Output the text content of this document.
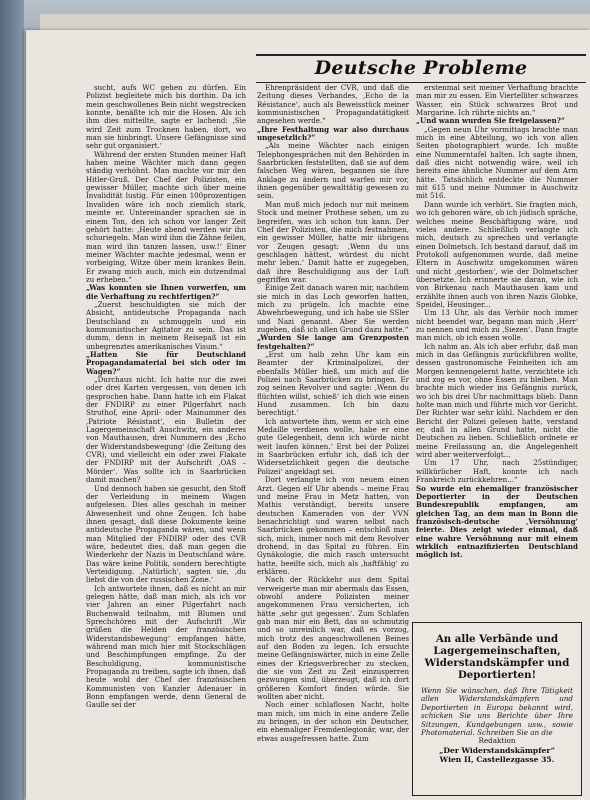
Deutsche Probleme

sucht, aufs WC gehen zu dürfen. Ein Polizist begleitete mich bis dorthin. Da ich mein geschwollenes Bein nicht wegstrecken konnte, benäßte ich mir die Hosen. Als ich ihm dies mitteilte, sagte er lachend: ‚Sie wird Zeit zum Trocknen haben, dort, wo man sie hinbringt. Unsere Gefängnisse sind sehr gut organisiert.‘

Während der ersten Stunden meiner Haft haben meine Wächter mich dann gegen ständig verhöhnt. Man machte vor mir den Hitler-Gruß. Der Chef der Polizisten, ein gewisser Müller, machte sich über meine Invalidität lustig. Für einen 100prozentigen Invaliden wäre ich noch ziemlich stark, meinte er. Untereinander sprachen sie in einem Ton, den ich schon vor langer Zeit gehört hatte: ‚Heute abend werden wir ihn schuriegeln. Man wird ihm die Zähne feilen, man wird ihn tanzen lassen, usw.!‘ Einer meiner Wächter machte jedesmal, wenn er vorbeiging, Witze über mein krankes Bein. Er zwang mich auch, mich ein dutzendmal zu erheben.“

„Was konnten sie Ihnen vorwerfen, um die Verhaftung zu rechtfertigen?“

„Zuerst beschuldigten sie mich der Absicht, antideutsche Propaganda nach Deutschland zu schmuggeln und ein kommunistischer Agitator zu sein. Das ist dumm, denn in meinem Reisepaß ist ein unbegrenztes amerikanisches Visum.“

„Hatten Sie für Deutschland Propagandamaterial bei sich oder im Wagen?“

„Durchaus nicht. Ich hatte nur die zwei oder drei Karten vergessen, von denen ich gesprochen habe. Dann hatte ich ein Flakat der FNDIRP zu einer Pilgerfahrt nach Struthof, eine April- oder Mainummer des ‚Patriote Résistant‘, ein Bulletin der Lagergemeinschaft Auschwitz, ein anderes von Mauthausen, drei Nummern des ‚Echo der Widerstandsbewegung‘ (die Zeitung des CVR), und vielleicht ein oder zwei Flakate der FNDIRP mit der Aufschrift ‚OAS – Mörder‘. Was sollte ich in Saarbrücken damit machen?

Und dennoch haben sie gesucht, den Stoff der Verleidung in meinem Wagen aufgelesen. Dies alles geschah in meiner Abwesenheit und ohne Zeugen. Ich habe ihnen gesagt, daß diese Dokumente keine antideutsche Propaganda wären, und wenn man Mitglied der FNDIRP oder des CVR wäre, bedeutet dies, daß man gegen die Wiederkehr der Nazis in Deutschland wäre. Das wäre keine Politik, sondern berechtigte Verteidigung. ‚Natürlich‘, sagten sie, ‚du liebst die von der russischen Zone.‘

Ich antwortete ihnen, daß es nicht an mir gelegen hätte, daß man mich, als ich vor vier Jahren an einer Pilgerfahrt nach Buchenwald teilnahm, mit Blumen und Sprechchören mit der Aufschrift ‚Wir grüßen die Helden der französischen Widerstandsbewegung‘ empfangen hätte, während man mich hier mit Stockschlägen und Beschimpfungen empfinge. Zu der Beschuldigung, kommunistische Propaganda zu treiben, sagte ich ihnen, daß heute wohl der Chef der französischen Kommunisten von Kanzler Adenauer in Bonn empfangen werde, denn General de Gaulle sei der

Ehrenpräsident der CVR, und daß die Zeitung dieses Verbandes, ‚Echo de la Résistance‘, auch als Beweisstück meiner kommunistischen Propagandatätigkeit angesehen werde.“

„Ihre Festhaltung war also durchaus ungesetzlich?“

„Als meine Wächter nach einigen Telephongesprächen mit den Behörden in Saarbrücken feststellten, daß sie auf dem falschen Weg wären, begannen sie ihre Anklage zu ändern und warfen mir vor, ihnen gegenüber gewalttätig gewesen zu sein.

Man muß mich jedoch nur mit meinem Stock und meiner Prothese sehen, um zu begreifen, was ich schon tun kann. Der Chef der Polizisten, die mich festnahmen, ein gewisser Müller, hatte mir übrigens vor Zeugen gesagt: ‚Wenn du uns geschlagen hättest, würdest du nicht mehr leben.‘ Damit hatte er zugegeben, daß ihre Beschuldigung aus der Luft gegriffen war.

Einige Zeit danach waren mir, nachdem sie mich in das Loch geworfen hatten, mich zu prügeln. Ich machte eine Abwehrbewegung, und ich habe sie SSler und Nazi genannt. Aber Sie werden zugeben, daß ich allen Grund dazu hatte.“

„Wurden Sie lange am Grenzposten festgehalten?“

„Erst um halb zehn Uhr kam ein Beamter der Kriminalpolizei, der ebenfalls Müller hieß, um mich auf die Polizei nach Saarbrücken zu bringen. Er zog seinen Revolver und sagte: ‚Wenn du flüchten willst, schieß‘ ich dich wie einen Hund zusammen. Ich bin dazu berechtigt.‘

Ich antwortete ihm, wenn er sich eine Medaille verdienen wolle, habe er eine gute Gelegenheit, denn ich würde nicht weit laufen können.‘ Erst bei der Polizei in Saarbrücken erfuhr ich, daß ich der Widersetzlichkeit gegen die deutsche Polizei‘ angeklagt sei.

Dort verlangte ich von neuem einen Arzt. Gegen elf Uhr abends – meine Frau und meine Frau in Metz hatten, von Mathis verständigt, bereits unsere deutschen Kameraden von der VVN benachrichtigt und waren selbst nach Saarbrücken gekommen – entschloß man sich, mich, immer noch mit dem Revolver drohend, in das Spital zu führen. Ein Gynäkologie, die mich rasch untersucht hatte, beeilte sich, mich als ‚haftfähig‘ zu erklären.

Nach der Rückkehr aus dem Spital verweigerte man mir abermals das Essen, obwohl andere Polizisten meiner angekommenen Frau versicherten, ich hätte ‚sehr gut gegessen‘. Zum Schlafen gab man mir ein Bett, das so schmutzig und so unreinlich war, daß es vorzog, mich trotz des angeschwollenen Beines auf den Boden zu legen. Ich ersuchte meine Gefängniswärter, mich in eine Zelle eines der Kriegsverbrecher zu stecken, die sie von Zeit zu Zeit einzusperren gezwungen sind, überzeugt, daß ich dort größeren Komfort finden würde. Sie wollten aber nicht.

Noch einer schlaflosen Nacht, holte man mich, um mich in eine andere Zelle zu bringen, in der schon ein Deutscher, ein ehemaliger Fremdenlegionär, war, der etwas ausgefressen hatte. Zum

erstenmal seit meiner Verhaftung brachte man mir zu essen. Ein Viertelliter schwarzes Wasser, ein Stück schwarzes Brot und Margarine. Ich rührte nichts an.“

„Und wann wurden Sie freigelassen?“

„Gegen neun Uhr vormittags brachte man mich in eine Abteilung, wo ich von allen Seiten photographiert wurde. Ich mußte eine Nummerntafel halten. Ich sagte ihnen, daß dies nicht notwendig wäre, weil ich bereits eine ähnliche Nummer auf dem Arm hätte. Tatsächlich entdeckte die Nummer mit 615 und meine Nummer in Auschwitz mit 516.

Dann wurde ich verhört. Sie fragten mich, wo ich geboren wäre, ob ich jüdisch spräche, welches meine Beschäftigung wäre, und vieles andere. Schließlich verlangte ich mich, deutsch zu sprechen und verlangte einen Dolmetsch. Ich bestand darauf, daß im Protokoll aufgenommen wurde, daß meine Eltern in Auschwitz umgekommen wären und nicht ‚gestorben‘, wie der Dolmetscher übersetzte. Ich erinnerte sie daran, wie ich von Birkenau nach Mauthausen kam und erzählte ihnen auch von ihren Nazis Globke, Speidel, Heusinger...

Um 13 Uhr, als das Verhör noch immer nicht beendet war, begann man mich ‚Herr‘ zu nennen und mich zu ‚Siezen‘. Dann fragte man mich, ob ich essen wolle.

Ich nahm an. Als ich aber erfuhr, daß man mich in das Gefängnis zurückführen wollte, dessen gastronomische Feinheiten ich am Morgen kennengelernt hatte, verzichtete ich und zog es vor, ohne Essen zu bleiben. Man brachte mich wieder ins Gefängnis zurück, wo ich bis drei Uhr nachmittags blieb. Dann holte man mich und führte mich vor Gericht. Der Richter war sehr kühl. Nachdem er den Bericht der Polizei gelesen hatte, verstand er, daß in allen Grund hatte, nicht die Deutschen zu lieben. Schließlich ordnete er meine Freilassung an, die Angelegenheit wird aber weiterverfolgt...

Um 17 Uhr, nach 25stündiger, willkürlicher Haft, konnte ich nach Frankreich zurückkehren...“

So wurde ein ehemaliger französischer Deportierter in der Deutschen Bundesrepublik empfangen, am gleichen Tag, an dem man in Bonn die französisch-deutsche ‚Versöhnung‘ feierte. Dies zeigt wieder einmal, daß eine wahre Versöhnung nur mit einem wirklich entnazifizierten Deutschland möglich ist.

An alle Verbände und Lagergemeinschaften, Widerstandskämpfer und Deportierten!
Wenn Sie wünschen, daß Ihre Tätigkeit allen Widerstandskämpfern und Deportierten in Europa bekannt wird, schicken Sie uns Berichte über Ihre Sitzungen, Kundgebungen usw., sowie Photomaterial. Schreiben Sie an die
Redaktion
„Der Widerstandskämpfer“
Wien II, Castellezgasse 35.
